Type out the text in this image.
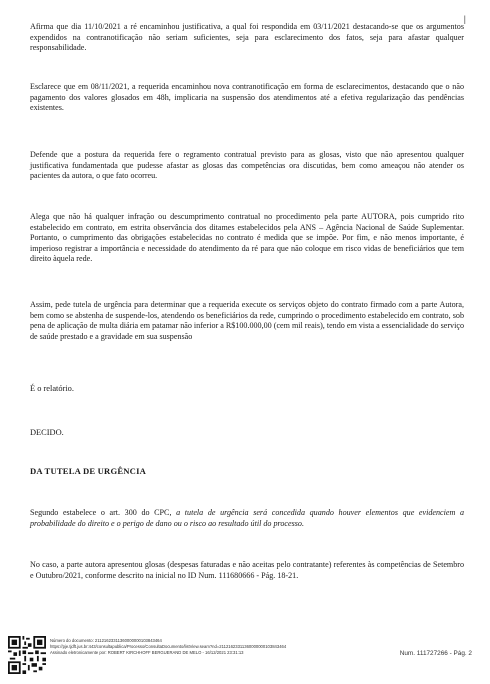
|

Afirma que dia 11/10/2021 a ré encaminhou justificativa, a qual foi respondida em 03/11/2021 destacando-se que os argumentos expendidos na contranotificação não seriam suficientes, seja para esclarecimento dos fatos, seja para afastar qualquer responsabilidade.

Esclarece que em 08/11/2021, a requerida encaminhou nova contranotificação em forma de esclarecimentos, destacando que o não pagamento dos valores glosados em 48h, implicaria na suspensão dos atendimentos até a efetiva regularização das pendências existentes.

Defende que a postura da requerida fere o regramento contratual previsto para as glosas, visto que não apresentou qualquer justificativa fundamentada que pudesse afastar as glosas das competências ora discutidas, bem como ameaçou não atender os pacientes da autora, o que fato ocorreu.

Alega que não há qualquer infração ou descumprimento contratual no procedimento pela parte AUTORA, pois cumprido rito estabelecido em contrato, em estrita observância dos ditames estabelecidos pela ANS – Agência Nacional de Saúde Suplementar. Portanto, o cumprimento das obrigações estabelecidas no contrato é medida que se impõe. Por fim, e não menos importante, é imperioso registrar a importância e necessidade do atendimento da ré para que não coloque em risco vidas de beneficiários que tem direito àquela rede.

Assim, pede tutela de urgência para determinar que a requerida execute os serviços objeto do contrato firmado com a parte Autora, bem como se abstenha de suspende-los, atendendo os beneficiários da rede, cumprindo o procedimento estabelecido em contrato, sob pena de aplicação de multa diária em patamar não inferior a R$100.000,00 (cem mil reais), tendo em vista a essencialidade do serviço de saúde prestado e a gravidade em sua suspensão

É o relatório.

DECIDO.

DA TUTELA DE URGÊNCIA

Segundo estabelece o art. 300 do CPC, a tutela de urgência será concedida quando houver elementos que evidenciem a probabilidade do direito e o perigo de dano ou o risco ao resultado útil do processo.

No caso, a parte autora apresentou glosas (despesas faturadas e não aceitas pelo contratante) referentes às competências de Setembro e Outubro/2021, conforme descrito na inicial no ID Num. 111680666 - Pág. 18-21.

Número do documento: 21121623311360000000103843464
https://pje.tjdft.jus.br:443/consultapublica/Processo/ConsultaDocumento/listView.seam?nd=21121623311360000000103843464
Assinado eletronicamente por: ROBERT KIRCHHOFF BERGUERAND DE MELO - 16/12/2021 23:31:13	Num. 111727266 - Pág. 2
